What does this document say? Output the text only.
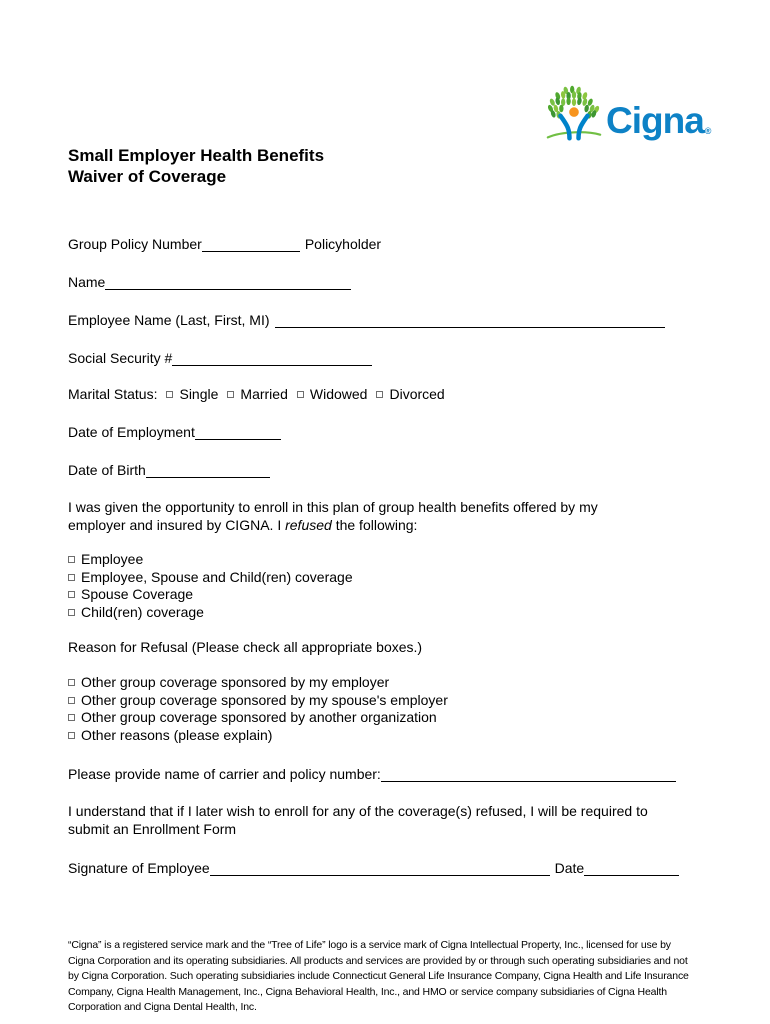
Cigna ®
Small Employer Health Benefits
Waiver of Coverage
Group Policy Number	Policyholder
Name
Employee Name (Last, First, MI)
Social Security #
Marital Status: Single Married Widowed Divorced
Date of Employment
Date of Birth
I was given the opportunity to enroll in this plan of group health benefits offered by my
employer and insured by CIGNA. I refused the following:
Employee
Employee, Spouse and Child(ren) coverage
Spouse Coverage
Child(ren) coverage
Reason for Refusal (Please check all appropriate boxes.)
Other group coverage sponsored by my employer
Other group coverage sponsored by my spouse's employer
Other group coverage sponsored by another organization
Other reasons (please explain)
Please provide name of carrier and policy number:
I understand that if I later wish to enroll for any of the coverage(s) refused, I will be required to
submit an Enrollment Form
Signature of Employee	Date
“Cigna” is a registered service mark and the “Tree of Life” logo is a service mark of Cigna Intellectual Property, Inc., licensed for use by
Cigna Corporation and its operating subsidiaries. All products and services are provided by or through such operating subsidiaries and not
by Cigna Corporation. Such operating subsidiaries include Connecticut General Life Insurance Company, Cigna Health and Life Insurance
Company, Cigna Health Management, Inc., Cigna Behavioral Health, Inc., and HMO or service company subsidiaries of Cigna Health
Corporation and Cigna Dental Health, Inc.
